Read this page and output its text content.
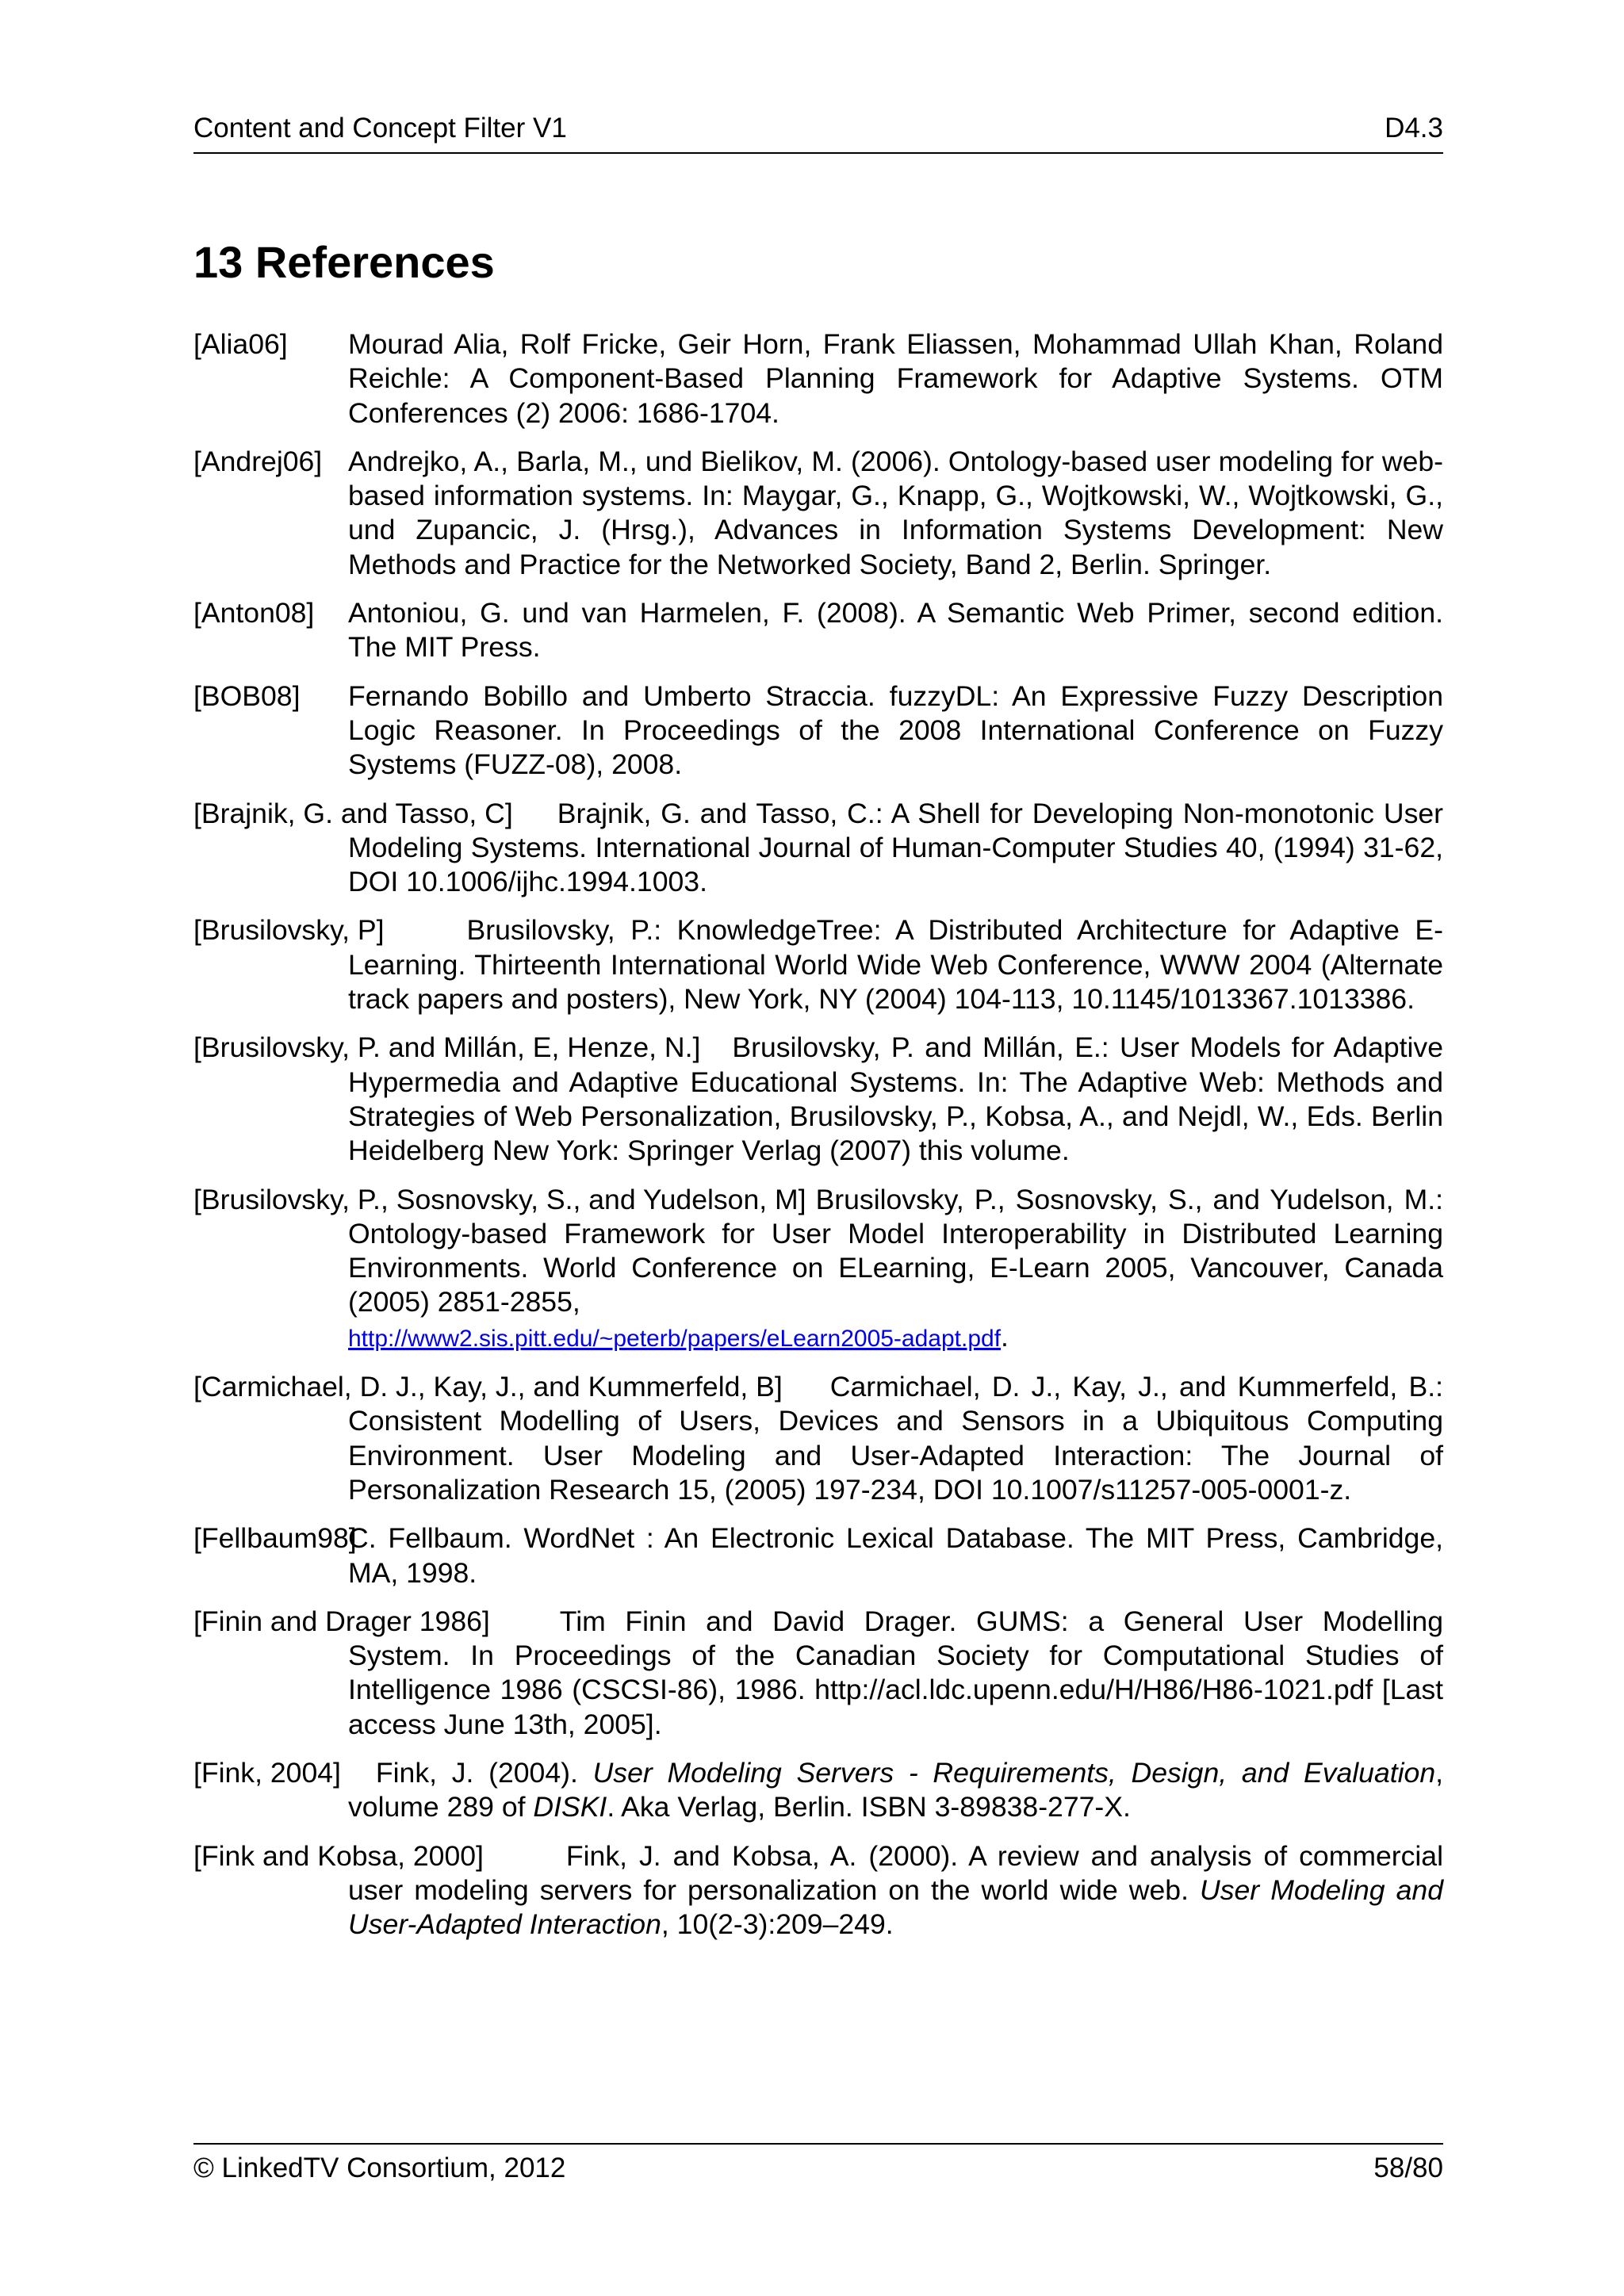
Content and Concept Filter V1	D4.3
13 References
[Alia06] Mourad Alia, Rolf Fricke, Geir Horn, Frank Eliassen, Mohammad Ullah Khan, Roland Reichle: A Component-Based Planning Framework for Adaptive Systems. OTM Conferences (2) 2006: 1686-1704.
[Andrej06] Andrejko, A., Barla, M., und Bielikov, M. (2006). Ontology-based user modeling for web-based information systems. In: Maygar, G., Knapp, G., Wojtkowski, W., Wojtkowski, G., und Zupancic, J. (Hrsg.), Advances in Information Systems Development: New Methods and Practice for the Networked Society, Band 2, Berlin. Springer.
[Anton08] Antoniou, G. und van Harmelen, F. (2008). A Semantic Web Primer, second edition. The MIT Press.
[BOB08] Fernando Bobillo and Umberto Straccia. fuzzyDL: An Expressive Fuzzy Description Logic Reasoner. In Proceedings of the 2008 International Conference on Fuzzy Systems (FUZZ-08), 2008.
[Brajnik, G. and Tasso, C] Brajnik, G. and Tasso, C.: A Shell for Developing Non-monotonic User Modeling Systems. International Journal of Human-Computer Studies 40, (1994) 31-62, DOI 10.1006/ijhc.1994.1003.
[Brusilovsky, P]	Brusilovsky, P.: KnowledgeTree: A Distributed Architecture for Adaptive E-Learning. Thirteenth International World Wide Web Conference, WWW 2004 (Alternate track papers and posters), New York, NY (2004) 104-113, 10.1145/1013367.1013386.
[Brusilovsky, P. and Millán, E, Henze, N.] Brusilovsky, P. and Millán, E.: User Models for Adaptive Hypermedia and Adaptive Educational Systems. In: The Adaptive Web: Methods and Strategies of Web Personalization, Brusilovsky, P., Kobsa, A., and Nejdl, W., Eds. Berlin Heidelberg New York: Springer Verlag (2007) this volume.
[Brusilovsky, P., Sosnovsky, S., and Yudelson, M] Brusilovsky, P., Sosnovsky, S., and Yudelson, M.: Ontology-based Framework for User Model Interoperability in Distributed Learning Environments. World Conference on ELearning, E-Learn 2005, Vancouver, Canada (2005) 2851-2855,
http://www2.sis.pitt.edu/~peterb/papers/eLearn2005-adapt.pdf.
[Carmichael, D. J., Kay, J., and Kummerfeld, B] Carmichael, D. J., Kay, J., and Kummerfeld, B.: Consistent Modelling of Users, Devices and Sensors in a Ubiquitous Computing Environment. User Modeling and User-Adapted Interaction: The Journal of Personalization Research 15, (2005) 197-234, DOI 10.1007/s11257-005-0001-z.
[Fellbaum98]C. Fellbaum. WordNet : An Electronic Lexical Database. The MIT Press, Cambridge, MA, 1998.
[Finin and Drager 1986] Tim Finin and David Drager. GUMS: a General User Modelling System. In Proceedings of the Canadian Society for Computational Studies of Intelligence 1986 (CSCSI-86), 1986. http://acl.ldc.upenn.edu/H/H86/H86-1021.pdf [Last access June 13th, 2005].
[Fink, 2004] Fink, J. (2004). User Modeling Servers - Requirements, Design, and Evaluation, volume 289 of DISKI. Aka Verlag, Berlin. ISBN 3-89838-277-X.
[Fink and Kobsa, 2000]	Fink, J. and Kobsa, A. (2000). A review and analysis of commercial user modeling servers for personalization on the world wide web. User Modeling and User-Adapted Interaction, 10(2-3):209–249.
© LinkedTV Consortium, 2012	58/80
